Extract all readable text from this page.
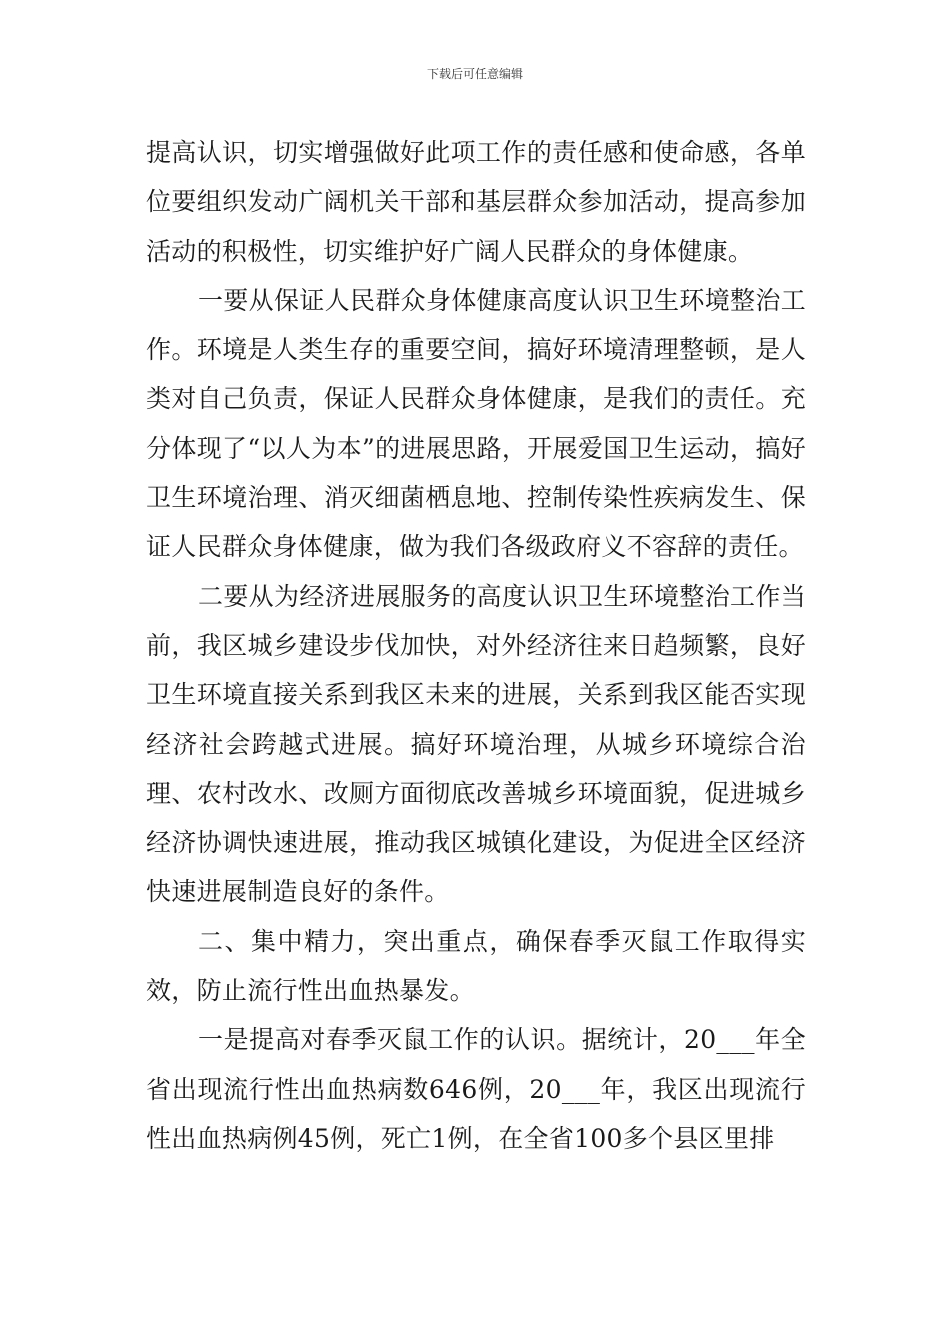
下载后可任意编辑

提高认识，切实增强做好此项工作的责任感和使命感，各单位要组织发动广阔机关干部和基层群众参加活动，提高参加活动的积极性，切实维护好广阔人民群众的身体健康。

一要从保证人民群众身体健康高度认识卫生环境整治工作。环境是人类生存的重要空间，搞好环境清理整顿，是人类对自己负责，保证人民群众身体健康，是我们的责任。充分体现了“以人为本”的进展思路，开展爱国卫生运动，搞好卫生环境治理、消灭细菌栖息地、控制传染性疾病发生、保证人民群众身体健康，做为我们各级政府义不容辞的责任。

二要从为经济进展服务的高度认识卫生环境整治工作当前，我区城乡建设步伐加快，对外经济往来日趋频繁，良好卫生环境直接关系到我区未来的进展，关系到我区能否实现经济社会跨越式进展。搞好环境治理，从城乡环境综合治理、农村改水、改厕方面彻底改善城乡环境面貌，促进城乡经济协调快速进展，推动我区城镇化建设，为促进全区经济快速进展制造良好的条件。

二、集中精力，突出重点，确保春季灭鼠工作取得实效，防止流行性出血热暴发。

一是提高对春季灭鼠工作的认识。据统计，20___年全省出现流行性出血热病数646例，20___年，我区出现流行性出血热病例45例，死亡1例，在全省100多个县区里排
